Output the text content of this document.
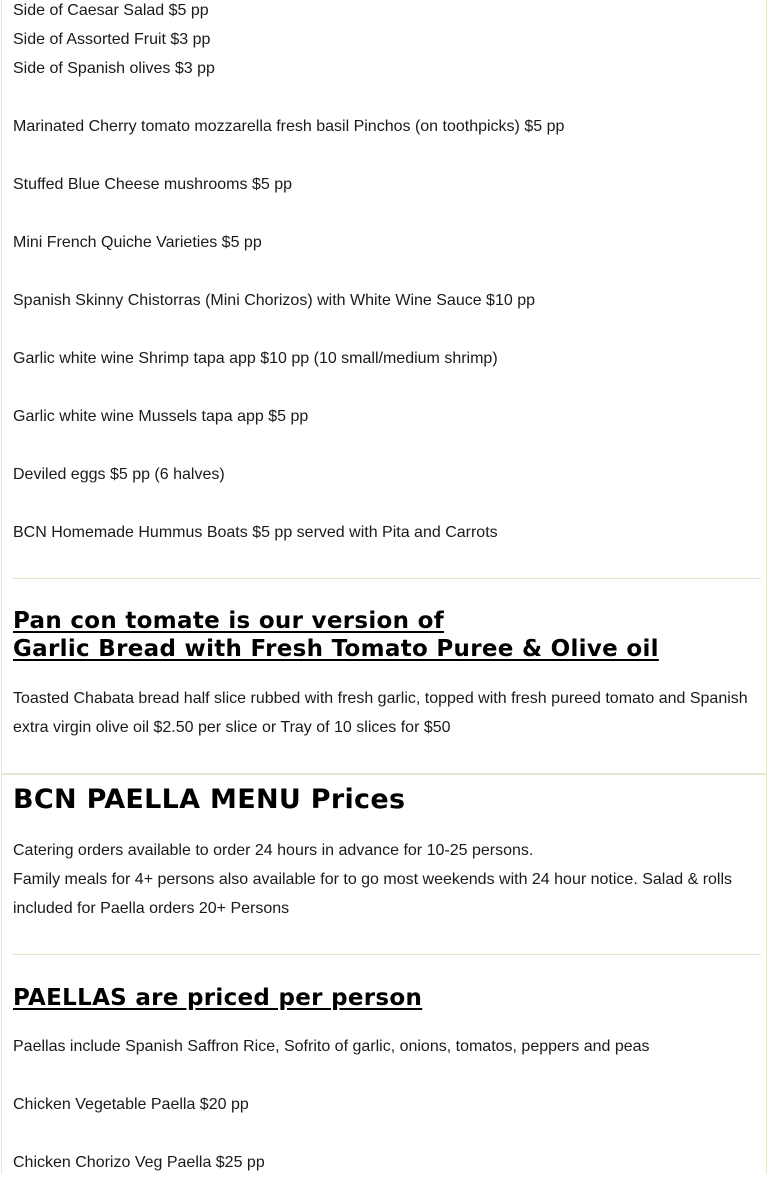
Side of Caesar Salad $5 pp
Side of Assorted Fruit $3 pp
Side of Spanish olives $3 pp
Marinated Cherry tomato mozzarella fresh basil Pinchos (on toothpicks) $5 pp
Stuffed Blue Cheese mushrooms $5 pp
Mini French Quiche Varieties $5 pp
Spanish Skinny Chistorras (Mini Chorizos) with White Wine Sauce $10 pp
Garlic white wine Shrimp tapa app $10 pp (10 small/medium shrimp)
Garlic white wine Mussels tapa app $5 pp
Deviled eggs $5 pp (6 halves)
BCN Homemade Hummus Boats $5 pp served with Pita and Carrots
Pan con tomate is our version of
Garlic Bread with Fresh Tomato Puree & Olive oil
Toasted Chabata bread half slice rubbed with fresh garlic, topped with fresh pureed tomato and Spanish extra virgin olive oil $2.50 per slice or Tray of 10 slices for $50
BCN PAELLA MENU Prices
Catering orders available to order 24 hours in advance for 10-25 persons.
Family meals for 4+ persons also available for to go most weekends with 24 hour notice. Salad & rolls included for Paella orders 20+ Persons
PAELLAS are priced per person
Paellas include Spanish Saffron Rice, Sofrito of garlic, onions, tomatos, peppers and peas
Chicken Vegetable Paella $20 pp
Chicken Chorizo Veg Paella $25 pp
